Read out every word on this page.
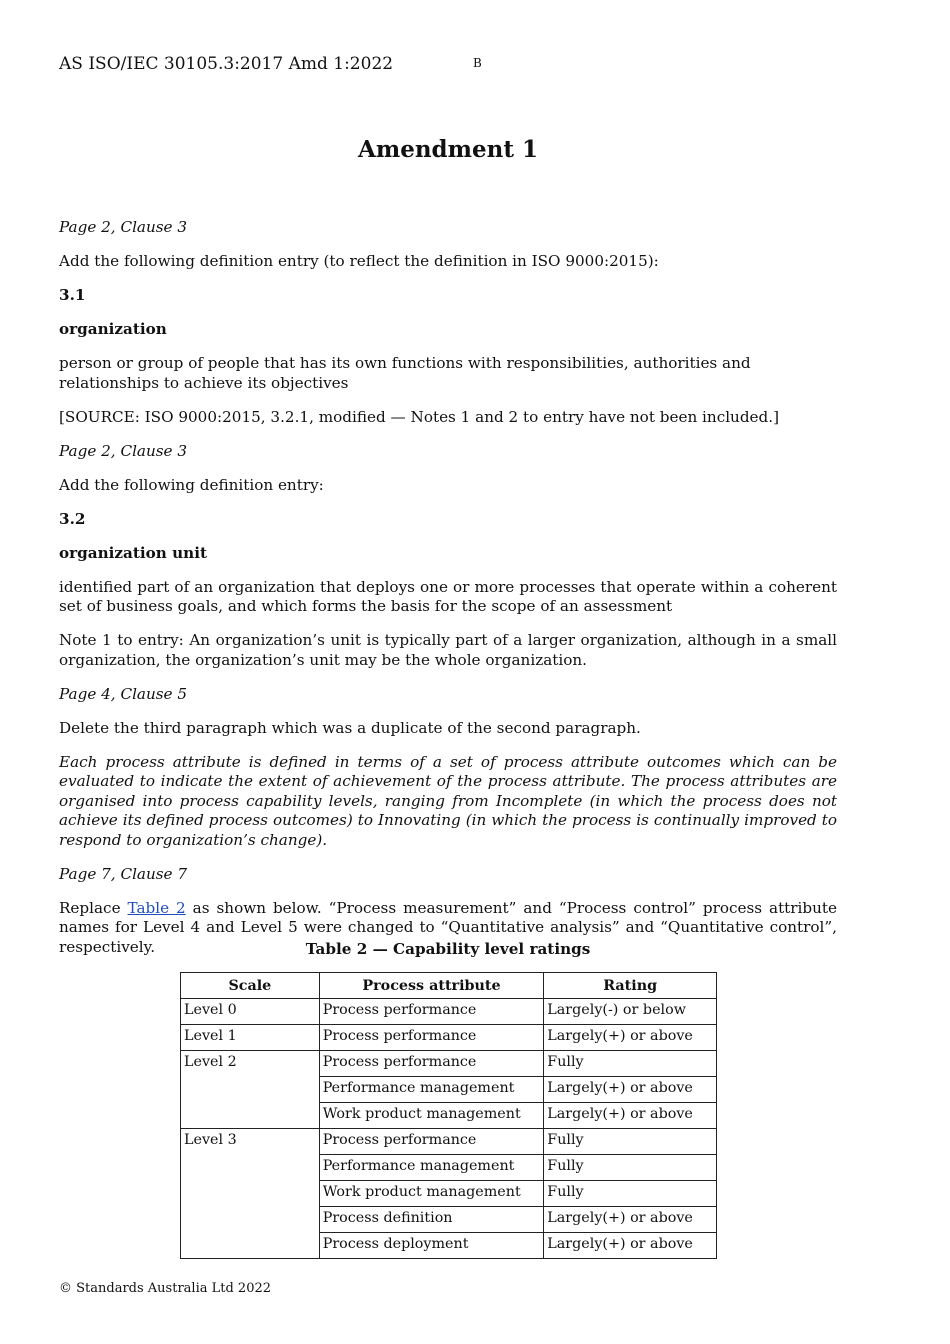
AS ISO/IEC 30105.3:2017 Amd 1:2022	B
Amendment 1

Page 2, Clause 3

Add the following definition entry (to reflect the definition in ISO 9000:2015):

3.1

organization

person or group of people that has its own functions with responsibilities, authorities and relationships to achieve its objectives

[SOURCE: ISO 9000:2015, 3.2.1, modified — Notes 1 and 2 to entry have not been included.]

Page 2, Clause 3

Add the following definition entry:

3.2

organization unit

identified part of an organization that deploys one or more processes that operate within a coherent set of business goals, and which forms the basis for the scope of an assessment

Note 1 to entry: An organization’s unit is typically part of a larger organization, although in a small organization, the organization’s unit may be the whole organization.

Page 4, Clause 5

Delete the third paragraph which was a duplicate of the second paragraph.

Each process attribute is defined in terms of a set of process attribute outcomes which can be evaluated to indicate the extent of achievement of the process attribute. The process attributes are organised into process capability levels, ranging from Incomplete (in which the process does not achieve its defined process outcomes) to Innovating (in which the process is continually improved to respond to organization’s change).

Page 7, Clause 7

Replace Table 2 as shown below. “Process measurement” and “Process control” process attribute names for Level 4 and Level 5 were changed to “Quantitative analysis” and “Quantitative control”, respectively.	Table 2 — Capability level ratings
Scale	Process attribute	Rating
Level 0	Process performance	Largely(-) or below
Level 1	Process performance	Largely(+) or above
Level 2	Process performance	Fully
	Performance management	Largely(+) or above
	Work product management	Largely(+) or above
Level 3	Process performance	Fully
	Performance management	Fully
	Work product management	Fully
	Process definition	Largely(+) or above
	Process deployment	Largely(+) or above
© Standards Australia Ltd 2022
